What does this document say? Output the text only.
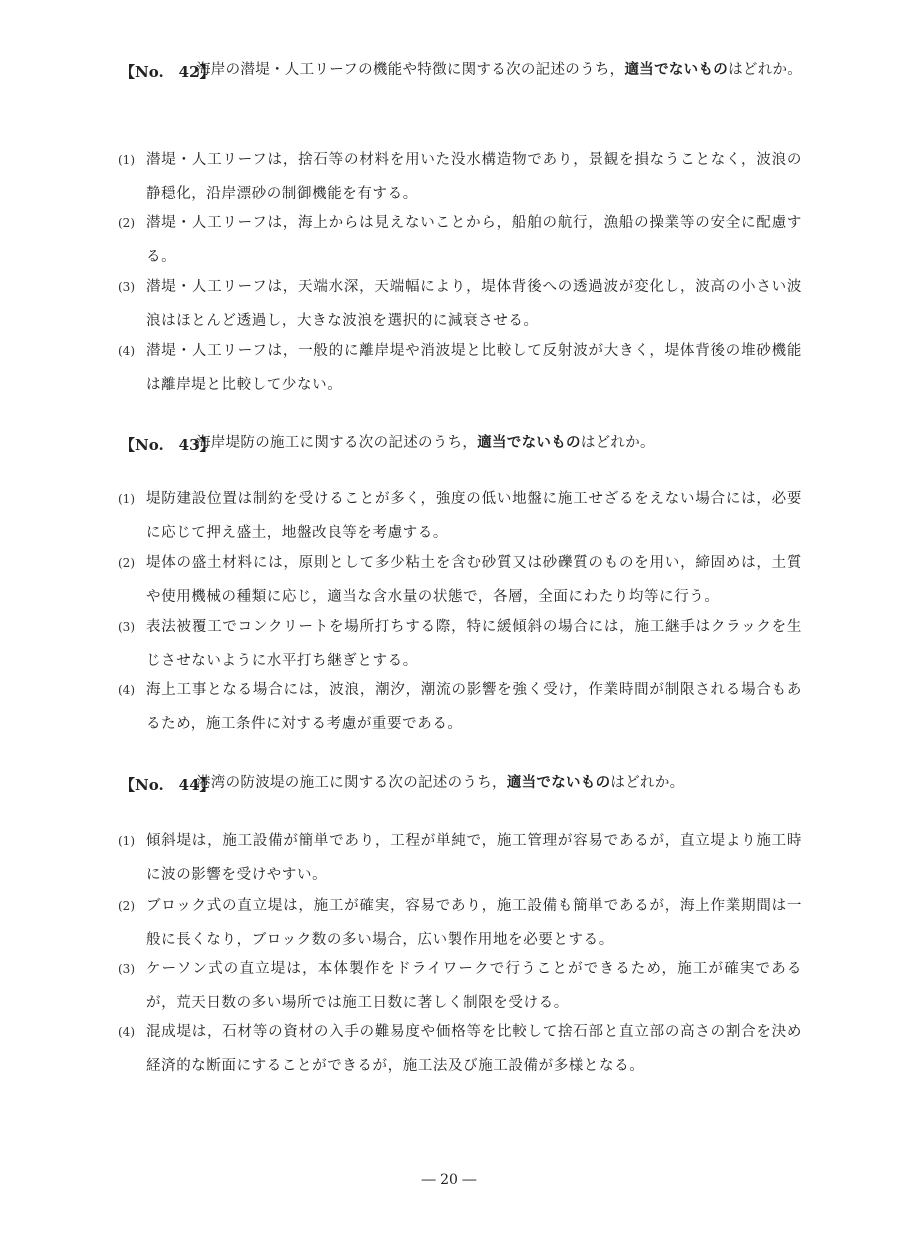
【No.　42】
海岸の潜堤・人工リーフの機能や特徴に関する次の記述のうち，適当でないものはどれか。
(1) 潜堤・人工リーフは，捨石等の材料を用いた没水構造物であり，景観を損なうことなく，波浪の静穏化，沿岸漂砂の制御機能を有する。
(2) 潜堤・人工リーフは，海上からは見えないことから，船舶の航行，漁船の操業等の安全に配慮する。
(3) 潜堤・人工リーフは，天端水深，天端幅により，堤体背後への透過波が変化し，波高の小さい波浪はほとんど透過し，大きな波浪を選択的に減衰させる。
(4) 潜堤・人工リーフは，一般的に離岸堤や消波堤と比較して反射波が大きく，堤体背後の堆砂機能は離岸堤と比較して少ない。
【No.　43】
海岸堤防の施工に関する次の記述のうち，適当でないものはどれか。
(1) 堤防建設位置は制約を受けることが多く，強度の低い地盤に施工せざるをえない場合には，必要に応じて押え盛土，地盤改良等を考慮する。
(2) 堤体の盛土材料には，原則として多少粘土を含む砂質又は砂礫質のものを用い，締固めは，土質や使用機械の種類に応じ，適当な含水量の状態で，各層，全面にわたり均等に行う。
(3) 表法被覆工でコンクリートを場所打ちする際，特に緩傾斜の場合には，施工継手はクラックを生じさせないように水平打ち継ぎとする。
(4) 海上工事となる場合には，波浪，潮汐，潮流の影響を強く受け，作業時間が制限される場合もあるため，施工条件に対する考慮が重要である。
【No.　44】
港湾の防波堤の施工に関する次の記述のうち，適当でないものはどれか。
(1) 傾斜堤は，施工設備が簡単であり，工程が単純で，施工管理が容易であるが，直立堤より施工時に波の影響を受けやすい。
(2) ブロック式の直立堤は，施工が確実，容易であり，施工設備も簡単であるが，海上作業期間は一般に長くなり，ブロック数の多い場合，広い製作用地を必要とする。
(3) ケーソン式の直立堤は，本体製作をドライワークで行うことができるため，施工が確実であるが，荒天日数の多い場所では施工日数に著しく制限を受ける。
(4) 混成堤は，石材等の資材の入手の難易度や価格等を比較して捨石部と直立部の高さの割合を決め経済的な断面にすることができるが，施工法及び施工設備が多様となる。
― 20 ―
